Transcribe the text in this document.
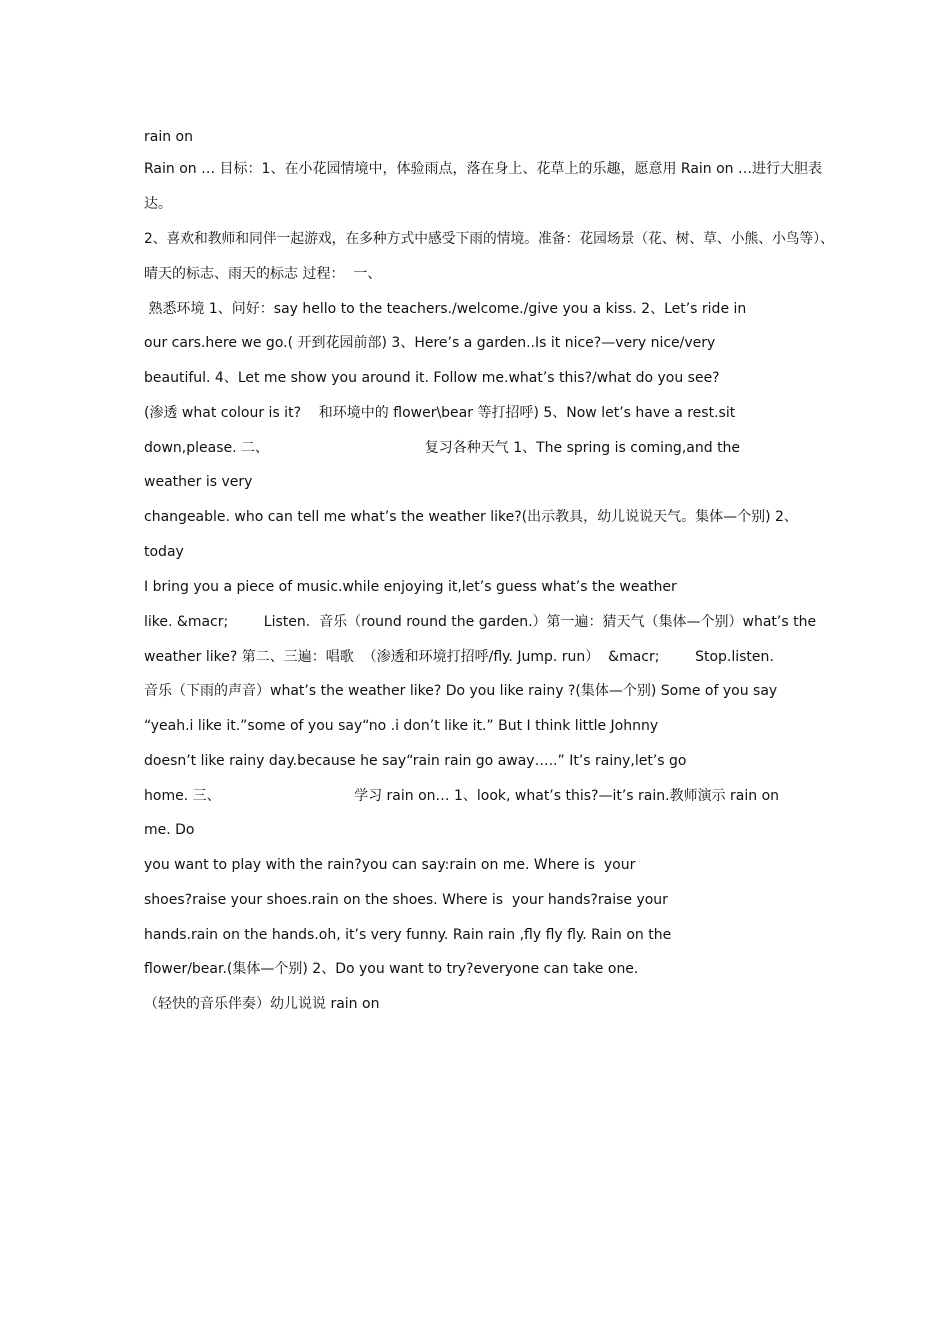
rain on
Rain on … 目标：1、在小花园情境中，体验雨点，落在身上、花草上的乐趣，愿意用 Rain on …进行大胆表
达。
2、喜欢和教师和同伴一起游戏，在多种方式中感受下雨的情境。准备：花园场景（花、树、草、小熊、小鸟等）、
晴天的标志、雨天的标志 过程：  一、
熟悉环境 1、问好：say hello to the teachers./welcome./give you a kiss. 2、Let’s ride in
our cars.here we go.( 开到花园前部) 3、Here’s a garden..Is it nice?—very nice/very
beautiful. 4、Let me show you around it. Follow me.what’s this?/what do you see?
(渗透 what colour is it?    和环境中的 flower\bear 等打招呼) 5、Now let’s have a rest.sit
down,please. 二、                                   复习各种天气 1、The spring is coming,and the
weather is very
changeable. who can tell me what’s the weather like?(出示教具，幼儿说说天气。集体—个别) 2、
today
I bring you a piece of music.while enjoying it,let’s guess what’s the weather
like. &macr;        Listen.  音乐（round round the garden.）第一遍：猜天气（集体—个别）what’s the
weather like? 第二、三遍：唱歌  （渗透和环境打招呼/fly. Jump. run）  &macr;        Stop.listen.
音乐（下雨的声音）what’s the weather like? Do you like rainy ?(集体—个别) Some of you say
“yeah.i like it.”some of you say“no .i don’t like it.” But I think little Johnny
doesn’t like rainy day.because he say“rain rain go away…..” It’s rainy,let’s go
home. 三、                              学习 rain on… 1、look, what’s this?—it’s rain.教师演示 rain on
me. Do
you want to play with the rain?you can say:rain on me. Where is  your
shoes?raise your shoes.rain on the shoes. Where is  your hands?raise your
hands.rain on the hands.oh, it’s very funny. Rain rain ,fly fly fly. Rain on the
flower/bear.(集体—个别) 2、Do you want to try?everyone can take one.
（轻快的音乐伴奏）幼儿说说 rain on
